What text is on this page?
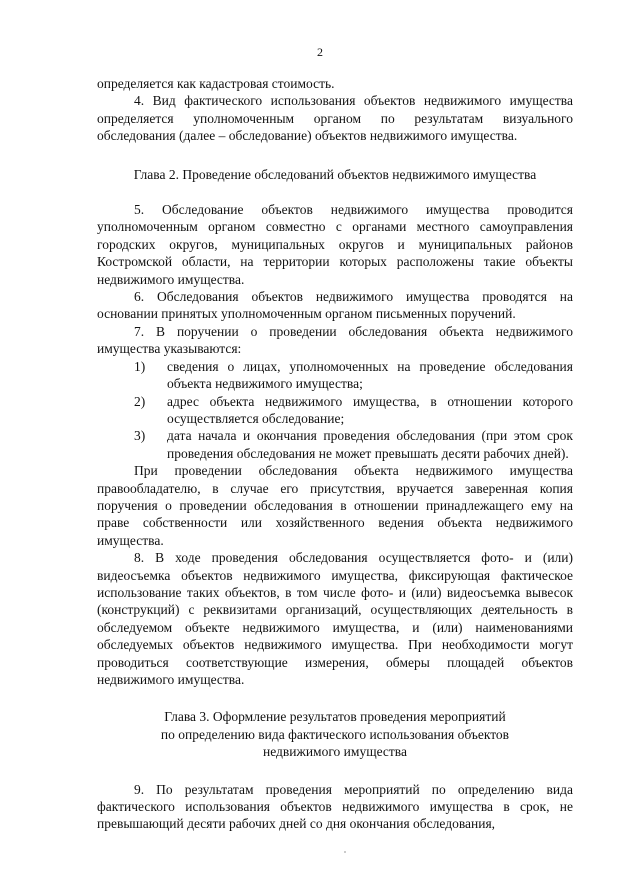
2

определяется как кадастровая стоимость.

4. Вид фактического использования объектов недвижимого имущества определяется уполномоченным органом по результатам визуального обследования (далее – обследование) объектов недвижимого имущества.

Глава 2. Проведение обследований объектов недвижимого имущества

5. Обследование объектов недвижимого имущества проводится уполномоченным органом совместно с органами местного самоуправления городских округов, муниципальных округов и муниципальных районов Костромской области, на территории которых расположены такие объекты недвижимого имущества.

6. Обследования объектов недвижимого имущества проводятся на основании принятых уполномоченным органом письменных поручений.

7. В поручении о проведении обследования объекта недвижимого имущества указываются:

1)	сведения о лицах, уполномоченных на проведение обследования объекта недвижимого имущества;
2)	адрес объекта недвижимого имущества, в отношении которого осуществляется обследование;
3)	дата начала и окончания проведения обследования (при этом срок проведения обследования не может превышать десяти рабочих дней).

При проведении обследования объекта недвижимого имущества правообладателю, в случае его присутствия, вручается заверенная копия поручения о проведении обследования в отношении принадлежащего ему на праве собственности или хозяйственного ведения объекта недвижимого имущества.

8. В ходе проведения обследования осуществляется фото- и (или) видеосъемка объектов недвижимого имущества, фиксирующая фактическое использование таких объектов, в том числе фото- и (или) видеосъемка вывесок (конструкций) с реквизитами организаций, осуществляющих деятельность в обследуемом объекте недвижимого имущества, и (или) наименованиями обследуемых объектов недвижимого имущества. При необходимости могут проводиться соответствующие измерения, обмеры площадей объектов недвижимого имущества.

Глава 3. Оформление результатов проведения мероприятий

по определению вида фактического использования объектов

недвижимого имущества

9. По результатам проведения мероприятий по определению вида фактического использования объектов недвижимого имущества в срок, не превышающий десяти рабочих дней со дня окончания обследования,
